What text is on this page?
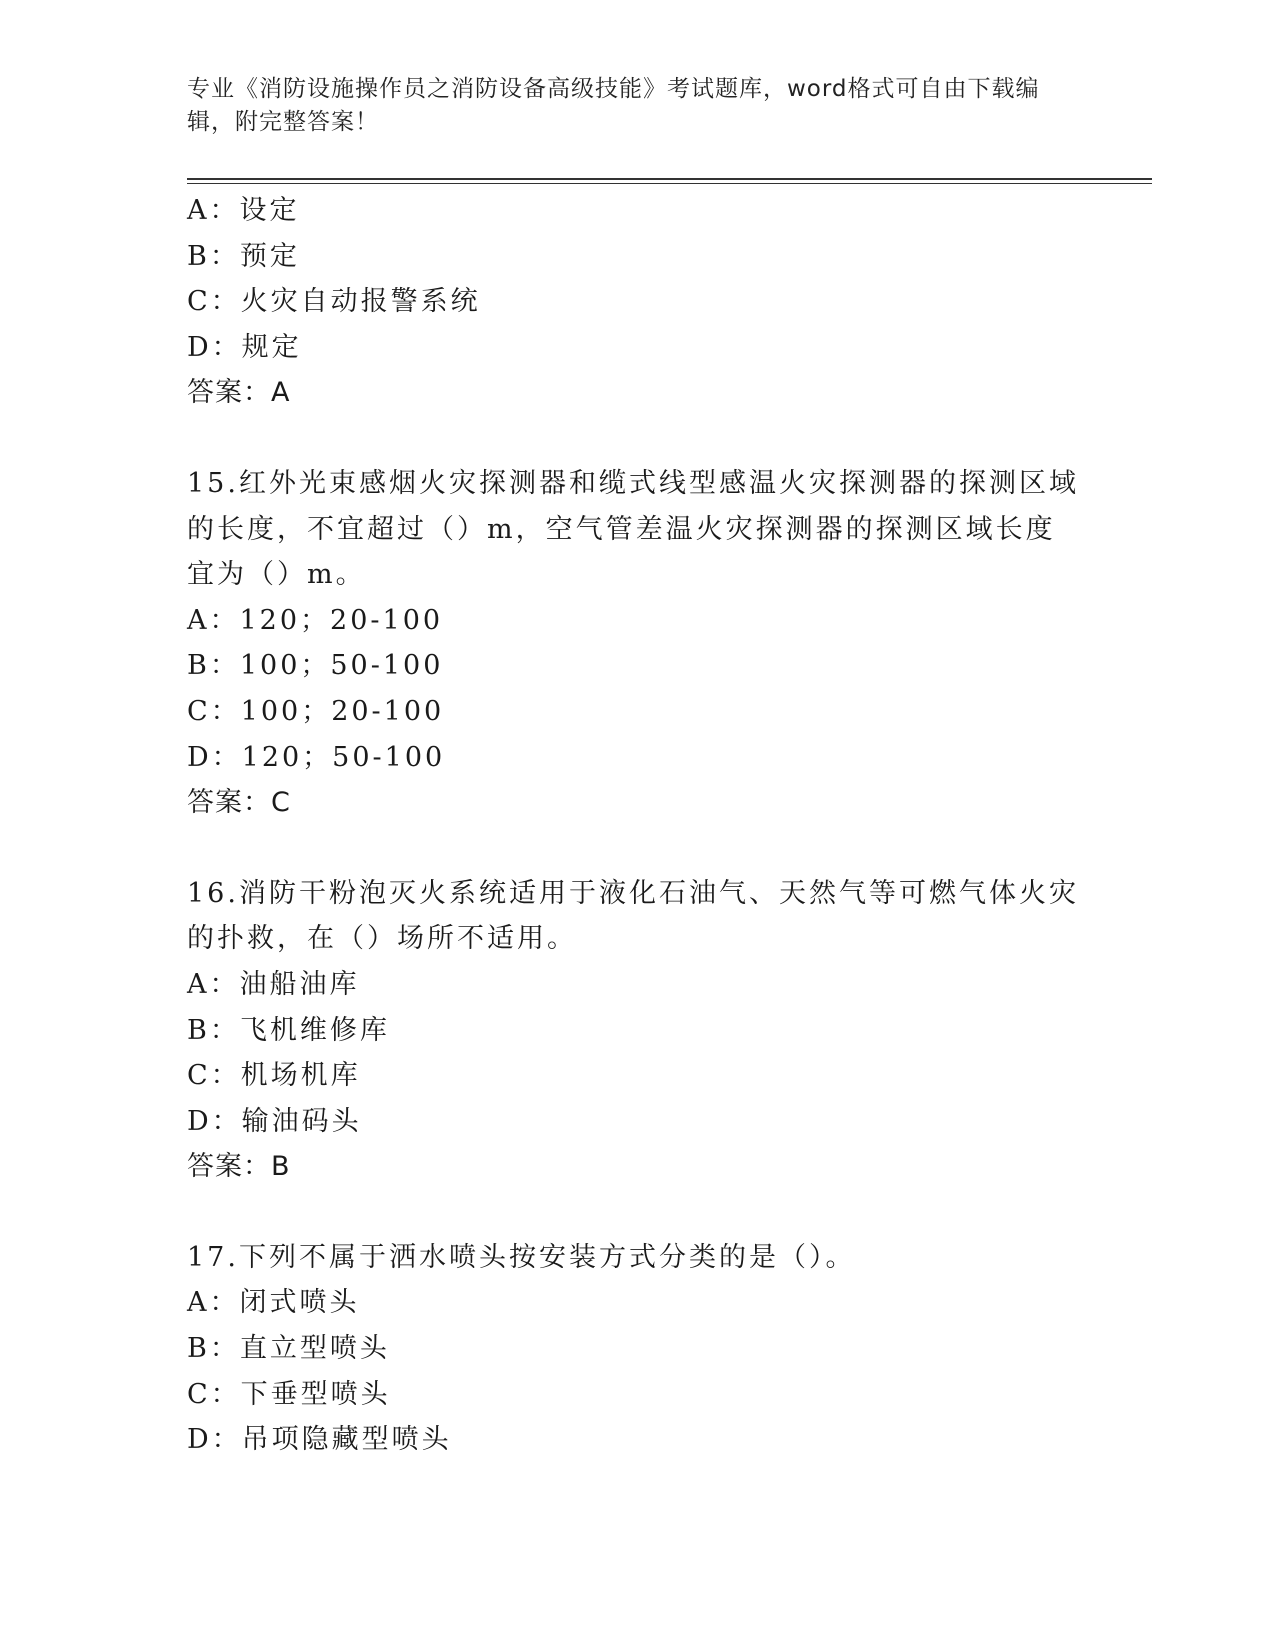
专业《消防设施操作员之消防设备高级技能》考试题库，word格式可自由下载编辑，附完整答案！
A：设定
B：预定
C：火灾自动报警系统
D：规定
答案：A
15.红外光束感烟火灾探测器和缆式线型感温火灾探测器的探测区域的长度，不宜超过（）m，空气管差温火灾探测器的探测区域长度宜为（）m。
A：120；20-100
B：100；50-100
C：100；20-100
D：120；50-100
答案：C
16.消防干粉泡灭火系统适用于液化石油气、天然气等可燃气体火灾的扑救，在（）场所不适用。
A：油船油库
B：飞机维修库
C：机场机库
D：输油码头
答案：B
17.下列不属于洒水喷头按安装方式分类的是（）。
A：闭式喷头
B：直立型喷头
C：下垂型喷头
D：吊项隐藏型喷头
